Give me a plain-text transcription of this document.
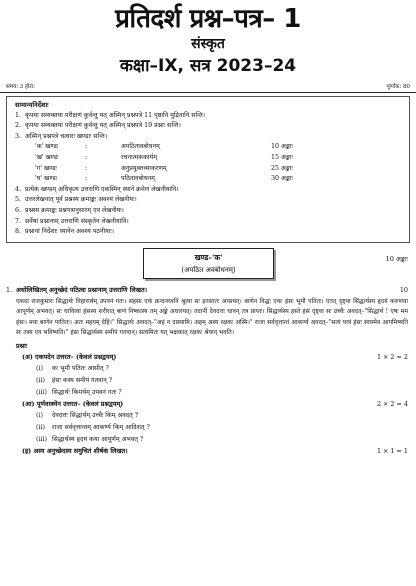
प्रतिदर्श प्रश्न–पत्र– 1
संस्कृत
कक्षा–IX, सत्र 2023–24
समय: 3 होरा:	पूर्णांक: 80
सामान्यनिर्देशाः
1. कृपया सम्यक्तया परीक्षणं कुर्वन्तु यत् अस्मिन् प्रश्नपत्रे 11 पृष्ठानि मुद्रितानि सन्ति।
2. कृपया सम्यक्तया परीक्षणं कुर्वन्तु यत् अस्मिन् प्रश्नपत्रे 19 प्रश्नाः सन्ति।
3. अस्मिन् प्रश्नपत्रे चत्वारः खण्डाः सन्ति।
'क' खण्डः	:	अपठितावबोधनम्	10 अङ्काः
'ख' खण्डः	:	रचनात्मककार्यम्	15 अङ्काः
'ग' खण्डः	:	अनुप्रयुक्तव्याकरणम्	25 अङ्काः
'घ' खण्डः	:	पठितावबोधनम्	30 अङ्काः
4. प्रत्येकं खण्डम् अधिकृत्य उत्तराणि एकस्मिन् स्थाने क्रमेण लेखनीयानि।
5. उत्तरलेखनात् पूर्वं प्रश्नस्य क्रमाङ्कः अवश्यं लेखनीयः।
6. प्रश्नस्य क्रमाङ्कः प्रश्नपत्रानुसारम् एव लेखनीयः।
7. सर्वेषां प्रश्नानाम् उत्तराणि संस्कृतेन लेखनीयानि।
8. प्रश्नानां निर्देशाः ध्यानेन अवश्यं पठनीयाः।
खण्ड–'क'
(अपठित अवबोधनम्)
10 अङ्काः
1. अधोलिखितम् अनुच्छेदं पठित्वा प्रश्नानाम् उत्तराणि लिखत।	10
एकदा राजकुमारः सिद्धार्थः विहारार्थम् उपवनं गतः। सहसा एकं क्रन्दनध्वनिं श्रुत्वा सः इतस्ततः अपश्यत्। बाणेन विद्धः एकः हंसः भूमौ पतितः। एतत् दृष्ट्वा सिद्धार्थस्य हृदयं करुणया आपूर्णम् अभवत्। सः धावित्वा हंसस्य शरीरात् बाणं निष्कास्य तम् अङ्के अधारयत्। तदानीं देवदत्तः धावन् तत्र प्राप्तः। सिद्धार्थस्य हस्ते हंसं दृष्ट्वा सः उच्चैः अवदत्–"सिद्धार्थ ! एषः मम हंसः। मया बाणेन पातितः। अतः महयम् देहि।" सिद्धार्थः अवदत्–"अहं न दास्यामि। अहम् अस्य रक्षकः अस्मि।" राजा सर्ववृत्तान्तं आकर्ण्य अवदत्–"सत्यं पात्रं हंसः स्वयमेव आगमिष्यति सः तस्य एव भविष्यति।" हंसः सिद्धार्थस्य समीपं गतवान्। सत्यमितः यत् भक्षकात् रक्षकः श्रेयान् भवति।
प्रश्नाः
(अ) एकपदेन उत्तरत– (केवलं प्रश्नद्वयम्)	1 × 2 = 2
(i)	कः भूमौ पतितः आसीत् ?
(ii)	हंसः कस्य समीपं गतवान् ?
(iii) सिद्धार्थः किमर्थम् उपवनं गतः ?
(आ) पूर्णवाक्येन उत्तरत– (केवलं प्रश्नद्वयम्)	2 × 2 = 4
(i)	देवदत्तः सिद्धार्थम् उच्चैः किम् अवदत् ?
(ii)	राजा सर्ववृत्तान्तम् आकर्ण्य किम् आदिशत् ?
(iii) सिद्धार्थस्य हृदयं कया आपूर्णम् अभवत् ?
(इ) अस्य अनुच्छेदस्य समुचितं शीर्षकं लिखत।	1 × 1 = 1
